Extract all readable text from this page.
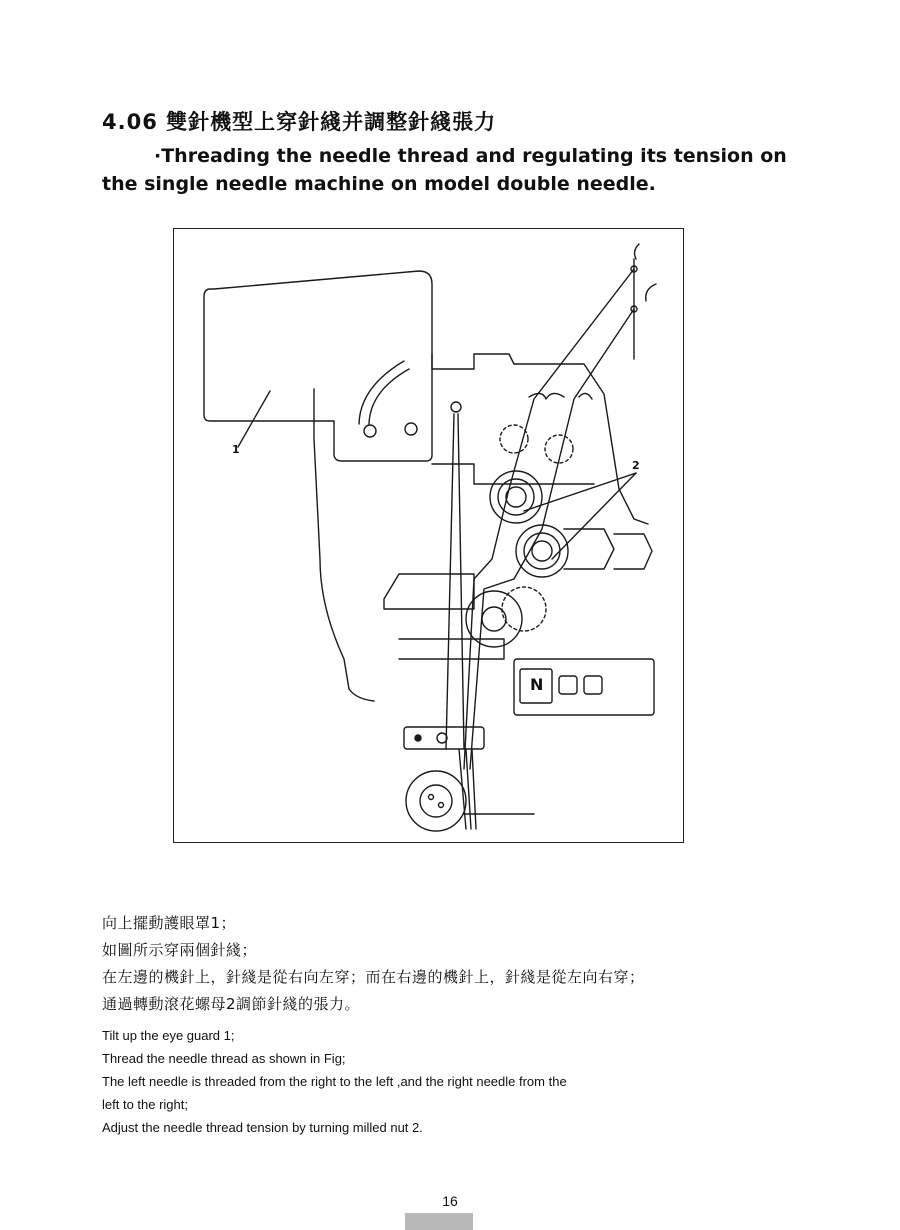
4.06 雙針機型上穿針綫并調整針綫張力
·Threading the needle thread and regulating its tension on
the single needle machine on model double needle.
1
2
N
向上擺動護眼罩1；
如圖所示穿兩個針綫；
在左邊的機針上，針綫是從右向左穿；而在右邊的機針上，針綫是從左向右穿；
通過轉動滾花螺母2調節針綫的張力。
Tilt up the eye guard 1;
Thread the needle thread as shown in Fig;
The left needle is threaded from the right to the left ,and the right needle from the
left to the right;
Adjust the needle thread tension by turning milled nut 2.
16
